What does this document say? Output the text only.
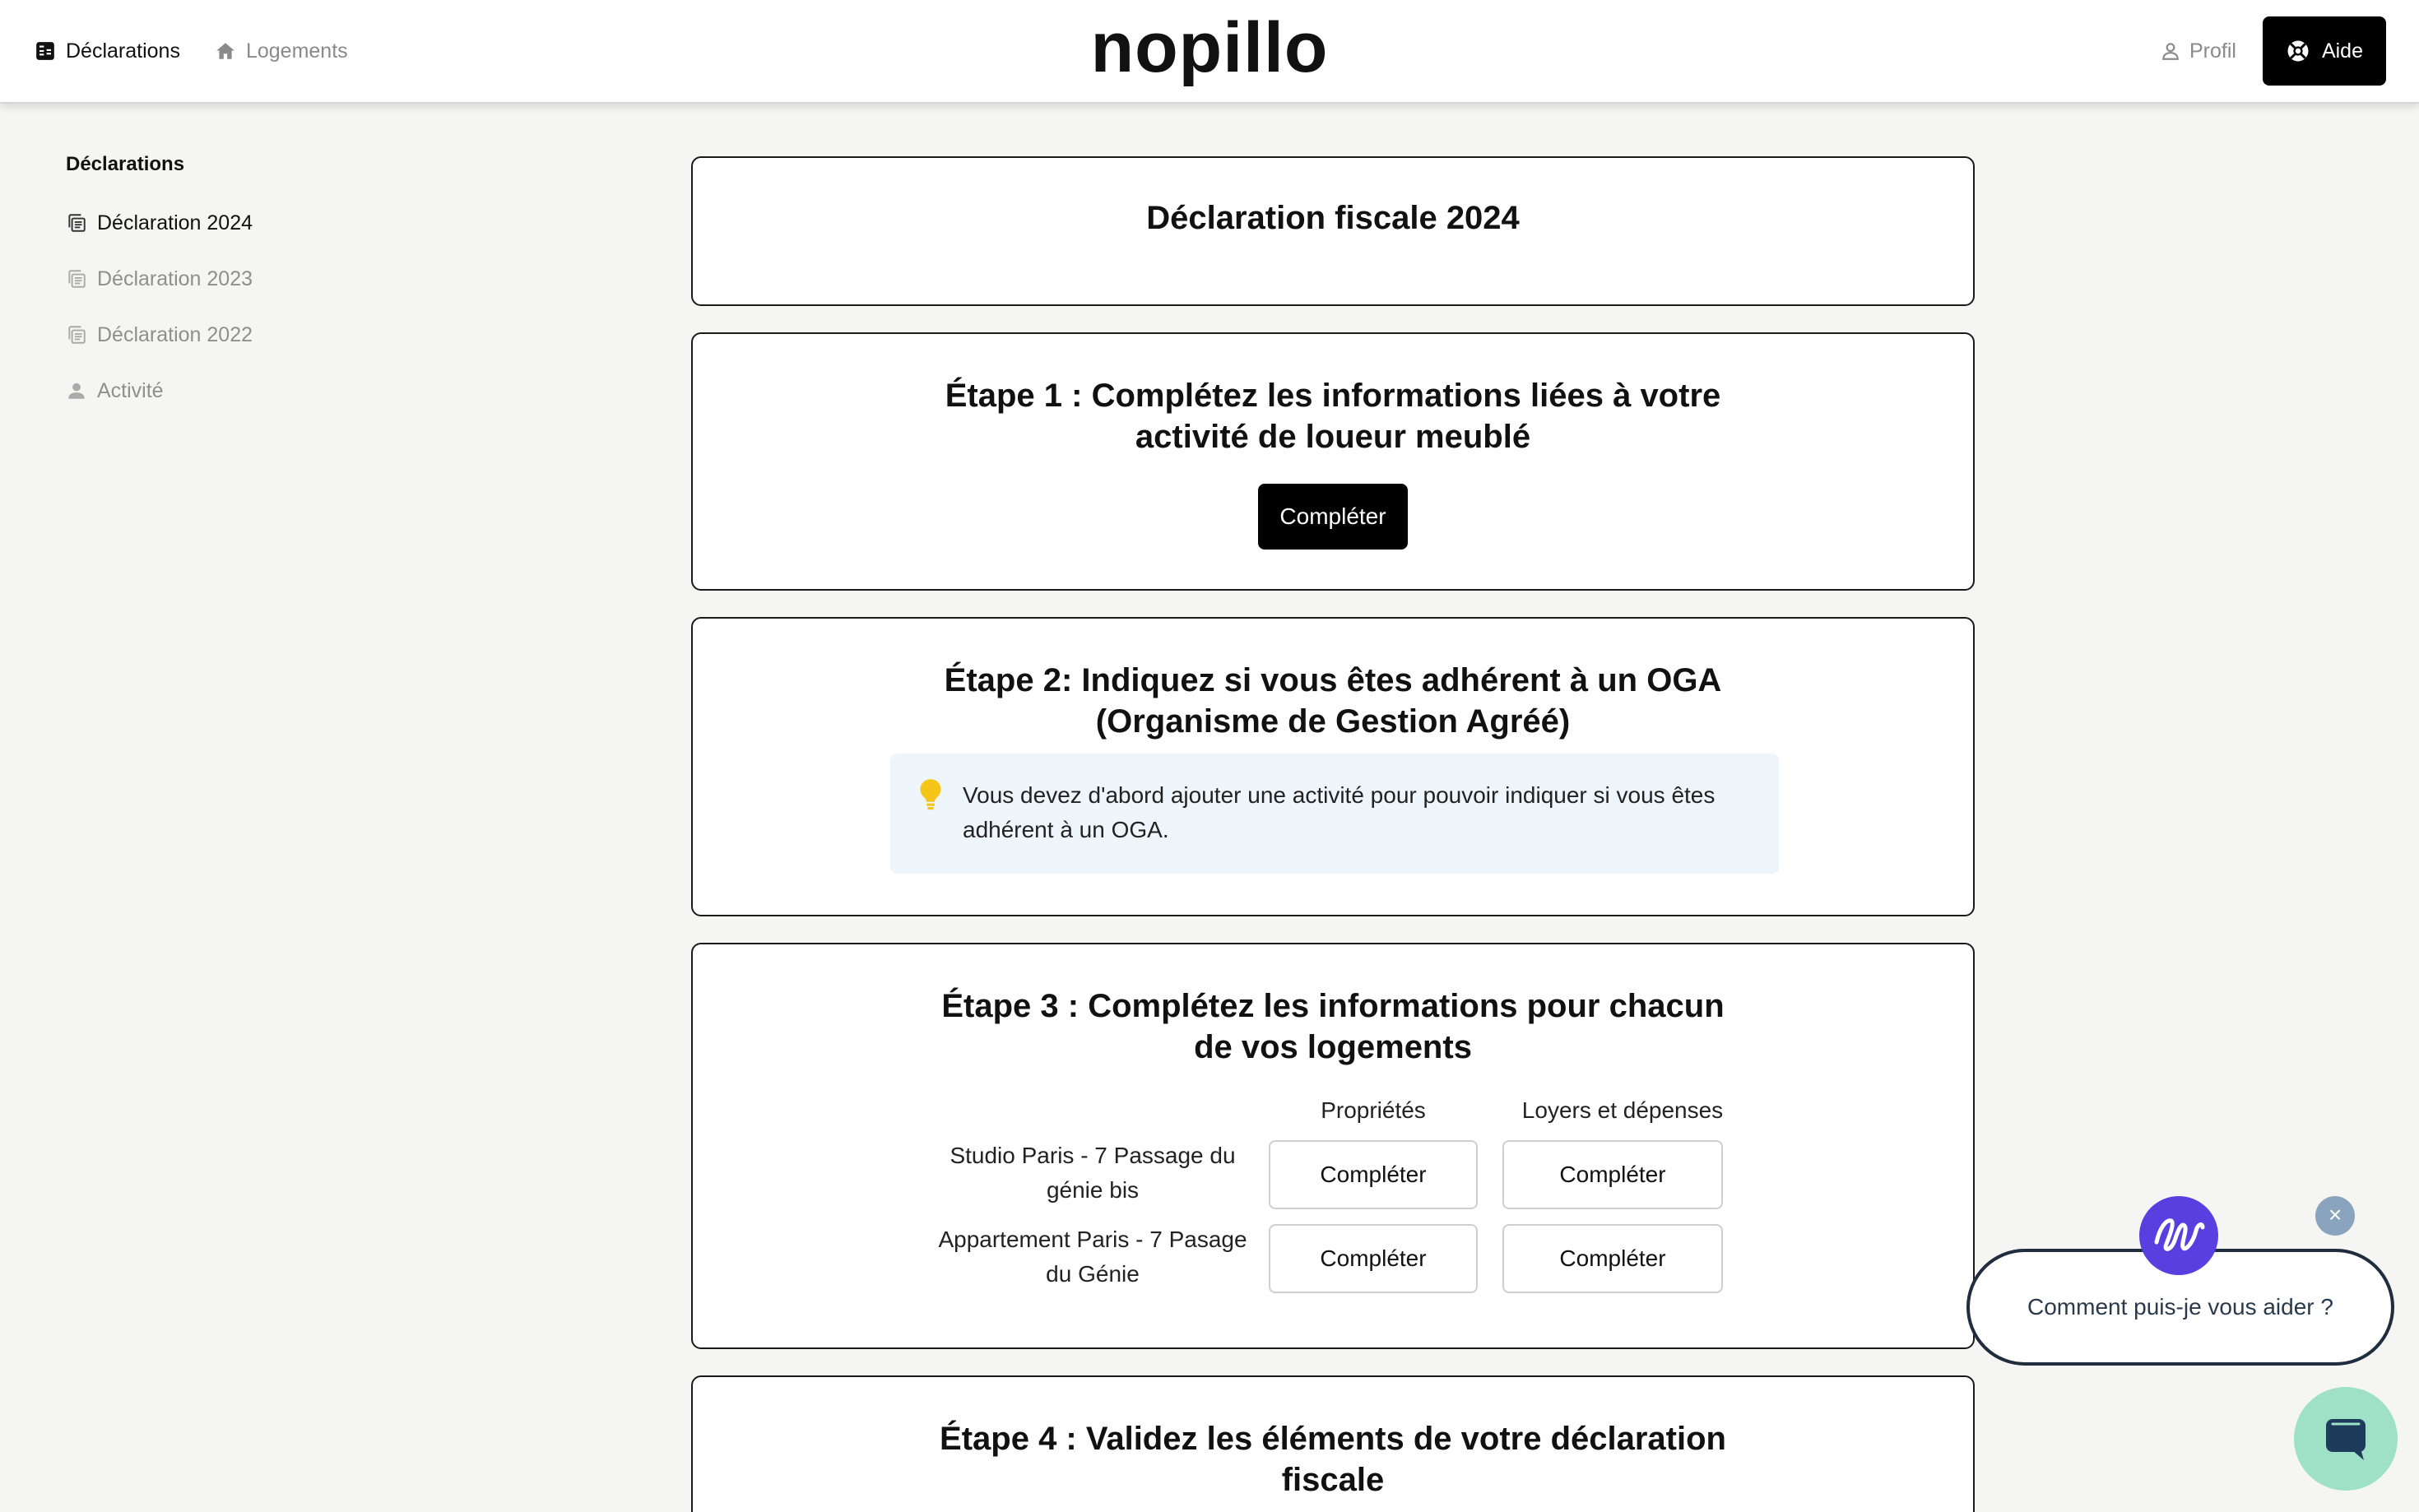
Déclarations	Logements	nopillo	Profil	Aide
Déclarations
Déclaration 2024
Déclaration 2023
Déclaration 2022
Activité
Déclaration fiscale 2024
Étape 1 : Complétez les informations liées à votre activité de loueur meublé
Compléter
Étape 2: Indiquez si vous êtes adhérent à un OGA (Organisme de Gestion Agréé)
Vous devez d'abord ajouter une activité pour pouvoir indiquer si vous êtes adhérent à un OGA.
Étape 3 : Complétez les informations pour chacun de vos logements
Propriétés	Loyers et dépenses
Studio Paris - 7 Passage du génie bis
Compléter	Compléter
Appartement Paris - 7 Pasage du Génie
Compléter	Compléter
Étape 4 : Validez les éléments de votre déclaration fiscale
Comment puis-je vous aider ?
×
